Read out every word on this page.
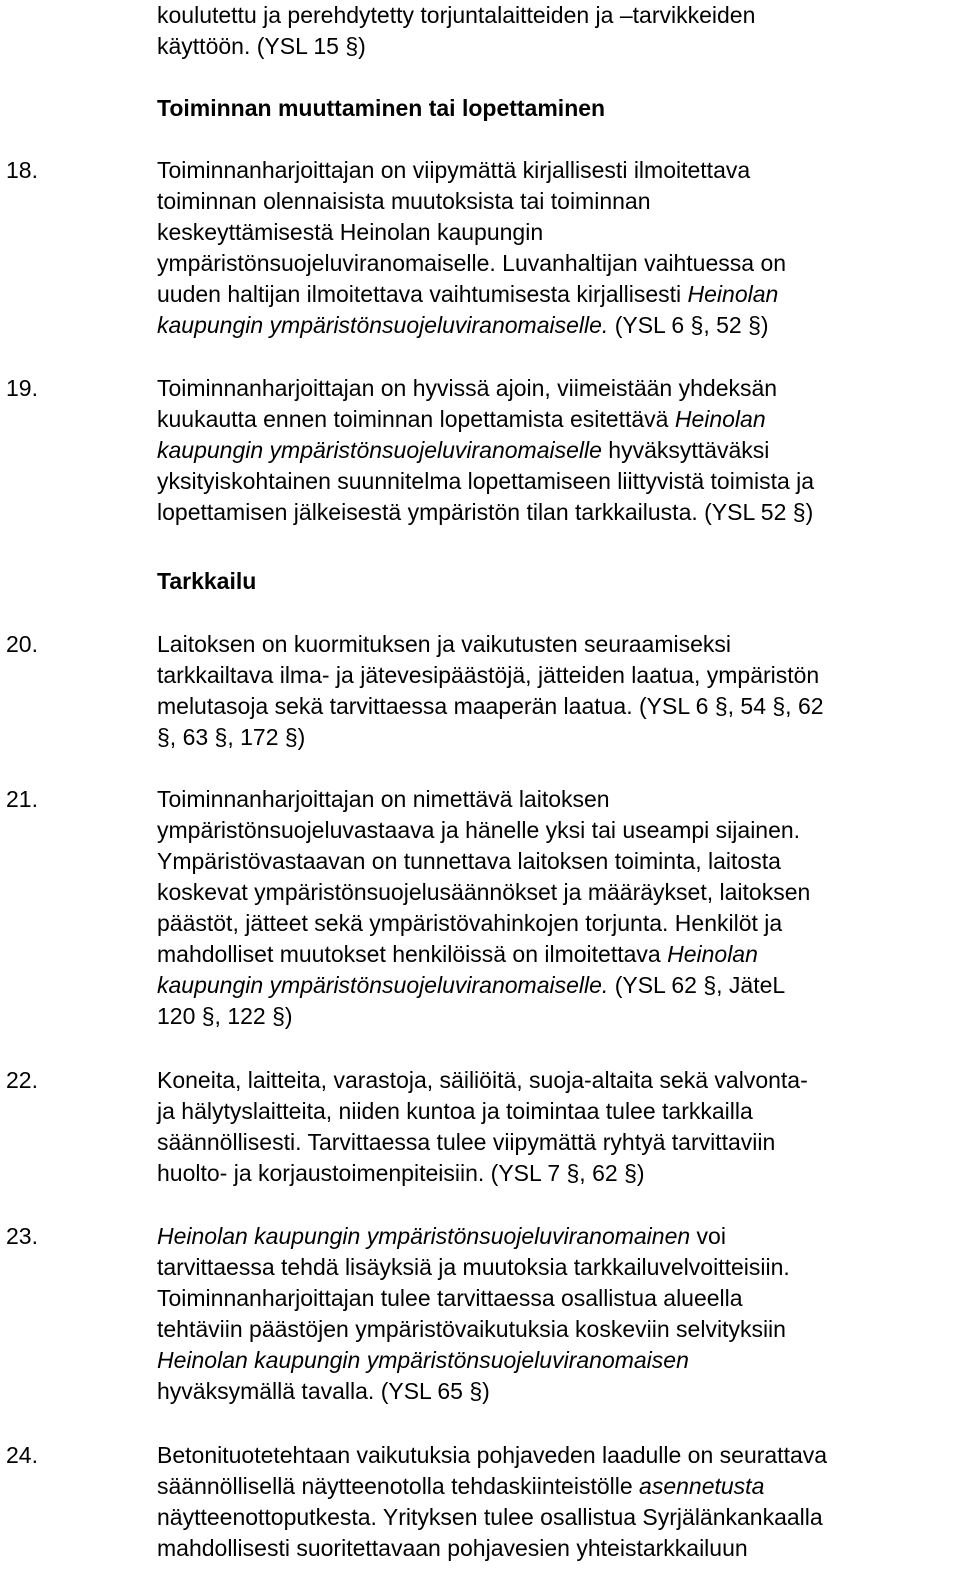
koulutettu ja perehdytetty torjuntalaitteiden ja –tarvikkeiden
käyttöön. (YSL 15 §)
Toiminnan muuttaminen tai lopettaminen
18.	Toiminnanharjoittajan on viipymättä kirjallisesti ilmoitettava
toiminnan olennaisista muutoksista tai toiminnan
keskeyttämisestä Heinolan kaupungin
ympäristönsuojeluviranomaiselle. Luvanhaltijan vaihtuessa on
uuden haltijan ilmoitettava vaihtumisesta kirjallisesti Heinolan
kaupungin ympäristönsuojeluviranomaiselle. (YSL 6 §, 52 §)
19.	Toiminnanharjoittajan on hyvissä ajoin, viimeistään yhdeksän
kuukautta ennen toiminnan lopettamista esitettävä Heinolan
kaupungin ympäristönsuojeluviranomaiselle hyväksyttäväksi
yksityiskohtainen suunnitelma lopettamiseen liittyvistä toimista ja
lopettamisen jälkeisestä ympäristön tilan tarkkailusta. (YSL 52 §)
Tarkkailu
20.	Laitoksen on kuormituksen ja vaikutusten seuraamiseksi
tarkkailtava ilma- ja jätevesipäästöjä, jätteiden laatua, ympäristön
melutasoja sekä tarvittaessa maaperän laatua. (YSL 6 §, 54 §, 62
§, 63 §, 172 §)
21.	Toiminnanharjoittajan on nimettävä laitoksen
ympäristönsuojeluvastaava ja hänelle yksi tai useampi sijainen.
Ympäristövastaavan on tunnettava laitoksen toiminta, laitosta
koskevat ympäristönsuojelusäännökset ja määräykset, laitoksen
päästöt, jätteet sekä ympäristövahinkojen torjunta. Henkilöt ja
mahdolliset muutokset henkilöissä on ilmoitettava Heinolan
kaupungin ympäristönsuojeluviranomaiselle. (YSL 62 §, JäteL
120 §, 122 §)
22.	Koneita, laitteita, varastoja, säiliöitä, suoja-altaita sekä valvonta-
ja hälytyslaitteita, niiden kuntoa ja toimintaa tulee tarkkailla
säännöllisesti. Tarvittaessa tulee viipymättä ryhtyä tarvittaviin
huolto- ja korjaustoimenpiteisiin. (YSL 7 §, 62 §)
23.	Heinolan kaupungin ympäristönsuojeluviranomainen voi
tarvittaessa tehdä lisäyksiä ja muutoksia tarkkailuvelvoitteisiin.
Toiminnanharjoittajan tulee tarvittaessa osallistua alueella
tehtäviin päästöjen ympäristövaikutuksia koskeviin selvityksiin
Heinolan kaupungin ympäristönsuojeluviranomaisen
hyväksymällä tavalla. (YSL 65 §)
24.	Betonituotetehtaan vaikutuksia pohjaveden laadulle on seurattava
säännöllisellä näytteenotolla tehdaskiinteistölle asennetusta
näytteenottoputkesta. Yrityksen tulee osallistua Syrjälänkankaalla
mahdollisesti suoritettavaan pohjavesien yhteistarkkailuun
